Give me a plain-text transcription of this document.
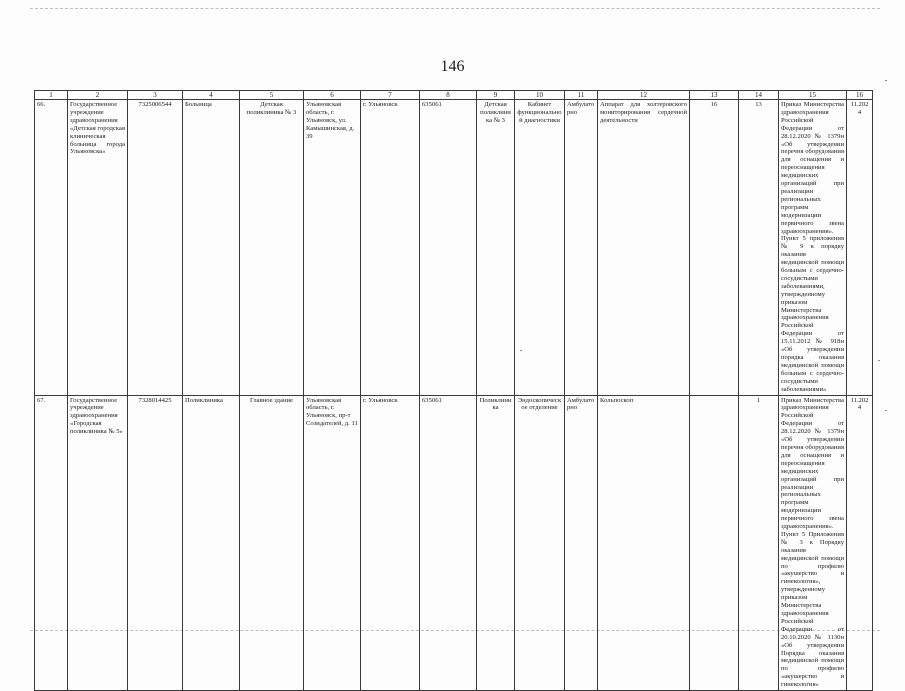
146
1	2	3	4	5	6	7	8	9	10	11	12	13	14	15	16
66.	Государственное учреждение здравоохранения «Детская городская клиническая больница города Ульяновска»	7325006544	Больница	Детская поликлиника № 3	Ульяновская область, г. Ульяновск, ул. Камышинская, д. 39	г. Ульяновск	635061	Детская поликлиника № 3	Кабинет функциональной диагностики	Амбулаторно	Аппарат для холтеровского мониторирования сердечной деятельности	16	13	Приказ Министерства здравоохранения Российской Федерации от 28.12.2020 № 1379н «Об утверждении перечня оборудования для оснащения и переоснащения медицинских организаций при реализации региональных программ модернизации первичного звена здравоохранения». Пункт 5 приложения № 9 к порядку оказания медицинской помощи больным с сердечно-сосудистыми заболеваниями, утвержденному приказом Министерства здравоохранения Российской Федерации от 15.11.2012 № 918н «Об утверждении порядка оказания медицинской помощи больным с сердечно-сосудистыми заболеваниями»	11.2024
67.	Государственное учреждение здравоохранения «Городская поликлиника № 5»	7328014425	Поликлиника	Главное здание	Ульяновская область, г. Ульяновск, пр-т Созидателей, д. 11	г. Ульяновск	635061	Поликлиника	Эндоскопическое отделение	Амбулаторно	Кольпоскоп		1	Приказ Министерства здравоохранения Российской Федерации от 28.12.2020 № 1379н «Об утверждении перечня оборудования для оснащения и переоснащения медицинских организаций при реализации региональных программ модернизации первичного звена здравоохранения». Пункт 5 Приложения № 3 к Порядку оказания медицинской помощи по профилю «акушерство и гинекология», утвержденному приказом Министерства здравоохранения Российской Федерации от 20.10.2020 № 1130н «Об утверждении Порядка оказания медицинской помощи по профилю «акушерство и гинекология»	11.2024
